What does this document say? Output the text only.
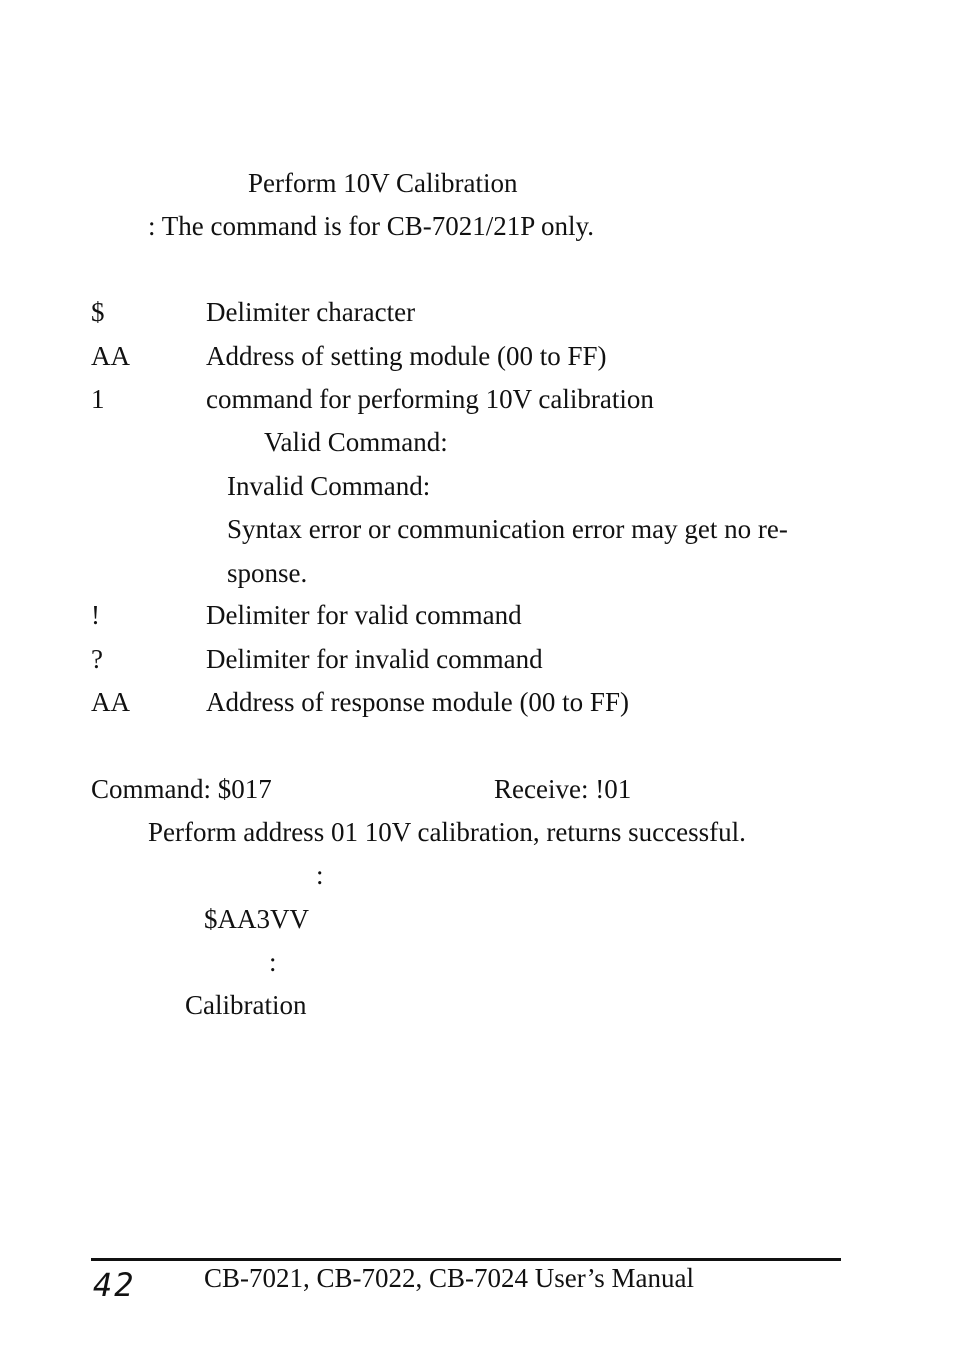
Perform 10V Calibration
: The command is for CB-7021/21P only.
$	Delimiter character
AA	Address of setting module (00 to FF)
1	command for performing 10V calibration
Valid Command:
Invalid Command:
Syntax error or communication error may get no re-
sponse.
!	Delimiter for valid command
?	Delimiter for invalid command
AA	Address of response module (00 to FF)
Command: $017	Receive: !01
Perform address 01 10V calibration, returns successful.
:
$AA3VV
:
Calibration
42	CB-7021, CB-7022, CB-7024 User’s Manual
